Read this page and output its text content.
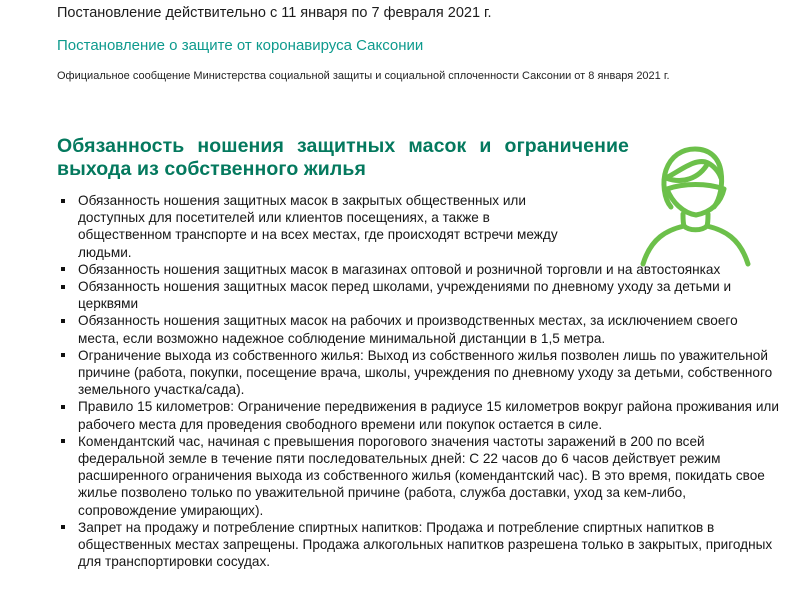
Постановление действительно с 11 января по 7 февраля 2021 г.

Постановление о защите от коронавируса Саксонии

Официальное сообщение Министерства социальной защиты и социальной сплоченности Саксонии от 8 января 2021 г.

Обязанность ношения защитных масок и ограничение
выхода из собственного жилья
Обязанность ношения защитных масок в закрытых общественных или доступных для посетителей или клиентов посещениях, а также в общественном транспорте и на всех местах, где происходят встречи между людьми.
Обязанность ношения защитных масок в магазинах оптовой и розничной торговли и на автостоянках
Обязанность ношения защитных масок перед школами, учреждениями по дневному уходу за детьми и церквями
Обязанность ношения защитных масок на рабочих и производственных местах, за исключением своего места, если возможно надежное соблюдение минимальной дистанции в 1,5 метра.
Ограничение выхода из собственного жилья: Выход из собственного жилья позволен лишь по уважительной причине (работа, покупки, посещение врача, школы, учреждения по дневному уходу за детьми, собственного земельного участка/сада).
Правило 15 километров: Ограничение передвижения в радиусе 15 километров вокруг района проживания или рабочего места для проведения свободного времени или покупок остается в силе.
Комендантский час, начиная с превышения порогового значения частоты заражений в 200 по всей федеральной земле в течение пяти последовательных дней: С 22 часов до 6 часов действует режим расширенного ограничения выхода из собственного жилья (комендантский час). В это время, покидать свое жилье позволено только по уважительной причине (работа, служба доставки, уход за кем-либо, сопровождение умирающих).
Запрет на продажу и потребление спиртных напитков: Продажа и потребление спиртных напитков в общественных местах запрещены. Продажа алкогольных напитков разрешена только в закрытых, пригодных для транспортировки сосудах.
